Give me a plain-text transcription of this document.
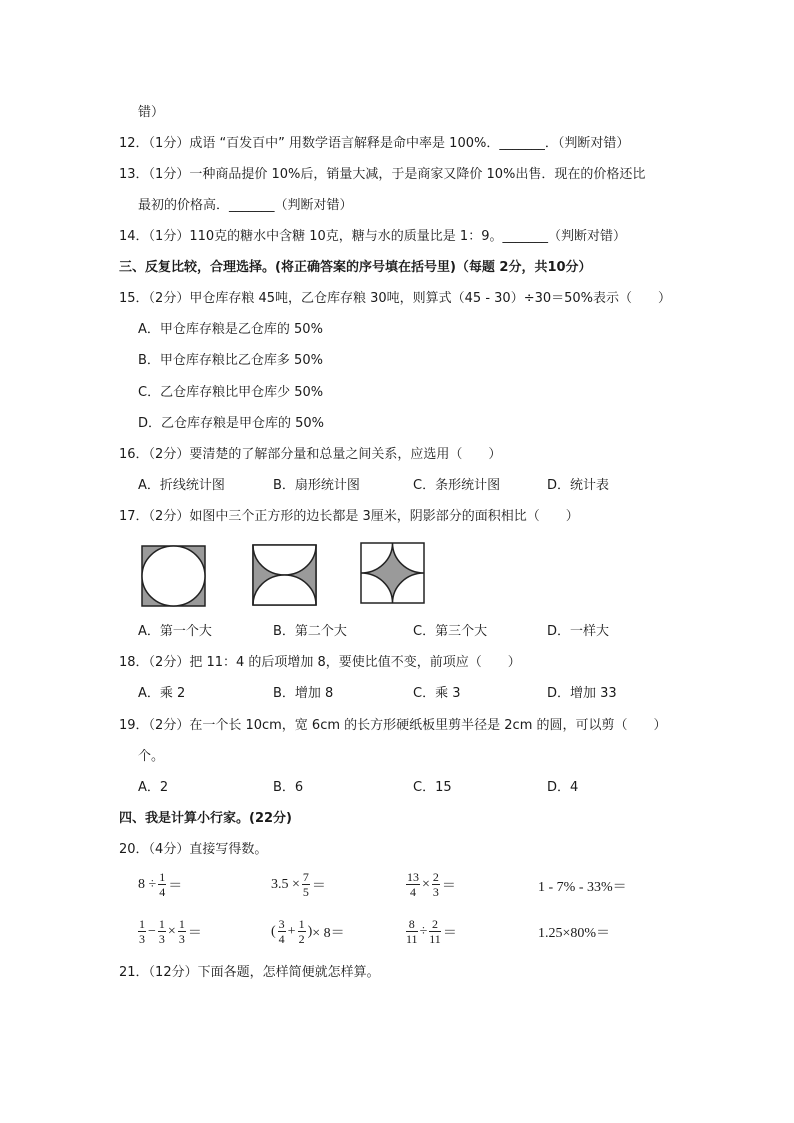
错）
12．（1分）成语 “百发百中” 用数学语言解释是命中率是 100%．_______．（判断对错）
13．（1分）一种商品提价 10%后，销量大减，于是商家又降价 10%出售．现在的价格还比
最初的价格高．_______（判断对错）
14．（1分）110克的糖水中含糖 10克，糖与水的质量比是 1：9。_______（判断对错）
三、反复比较，合理选择。(将正确答案的序号填在括号里)（每题 2分，共10分）
15．（2分）甲仓库存粮 45吨，乙仓库存粮 30吨，则算式（45 - 30）÷30＝50%表示（　　）
A．甲仓库存粮是乙仓库的 50%
B．甲仓库存粮比乙仓库多 50%
C．乙仓库存粮比甲仓库少 50%
D．乙仓库存粮是甲仓库的 50%
16．（2分）要清楚的了解部分量和总量之间关系，应选用（　　）
A．折线统计图	B．扇形统计图	C．条形统计图	D．统计表
17．（2分）如图中三个正方形的边长都是 3厘米，阴影部分的面积相比（　　）
A．第一个大	B．第二个大	C．第三个大	D．一样大
18．（2分）把 11：4 的后项增加 8，要使比值不变，前项应（　　）
A．乘 2	B．增加 8	C．乘 3	D．增加 33
19．（2分）在一个长 10cm，宽 6cm 的长方形硬纸板里剪半径是 2cm 的圆，可以剪（　　）
个。
A．2	B．6	C．15	D．4
四、我是计算小行家。(22分)
20．（4分）直接写得数。
$8 \div \frac{1}{4}$ ＝	$3.5 \times \frac{7}{5}$ ＝	$\frac{13}{4} \times \frac{2}{3}$ ＝	1 - 7% - 33%＝
$\frac{1}{3} - \frac{1}{3} \times \frac{1}{3}$ ＝	( $\frac{3}{4} + \frac{1}{2}$ ) × 8＝	$\frac{8}{11} \div \frac{2}{11}$ ＝	1.25×80%＝
21．（12分）下面各题，怎样简便就怎样算。
